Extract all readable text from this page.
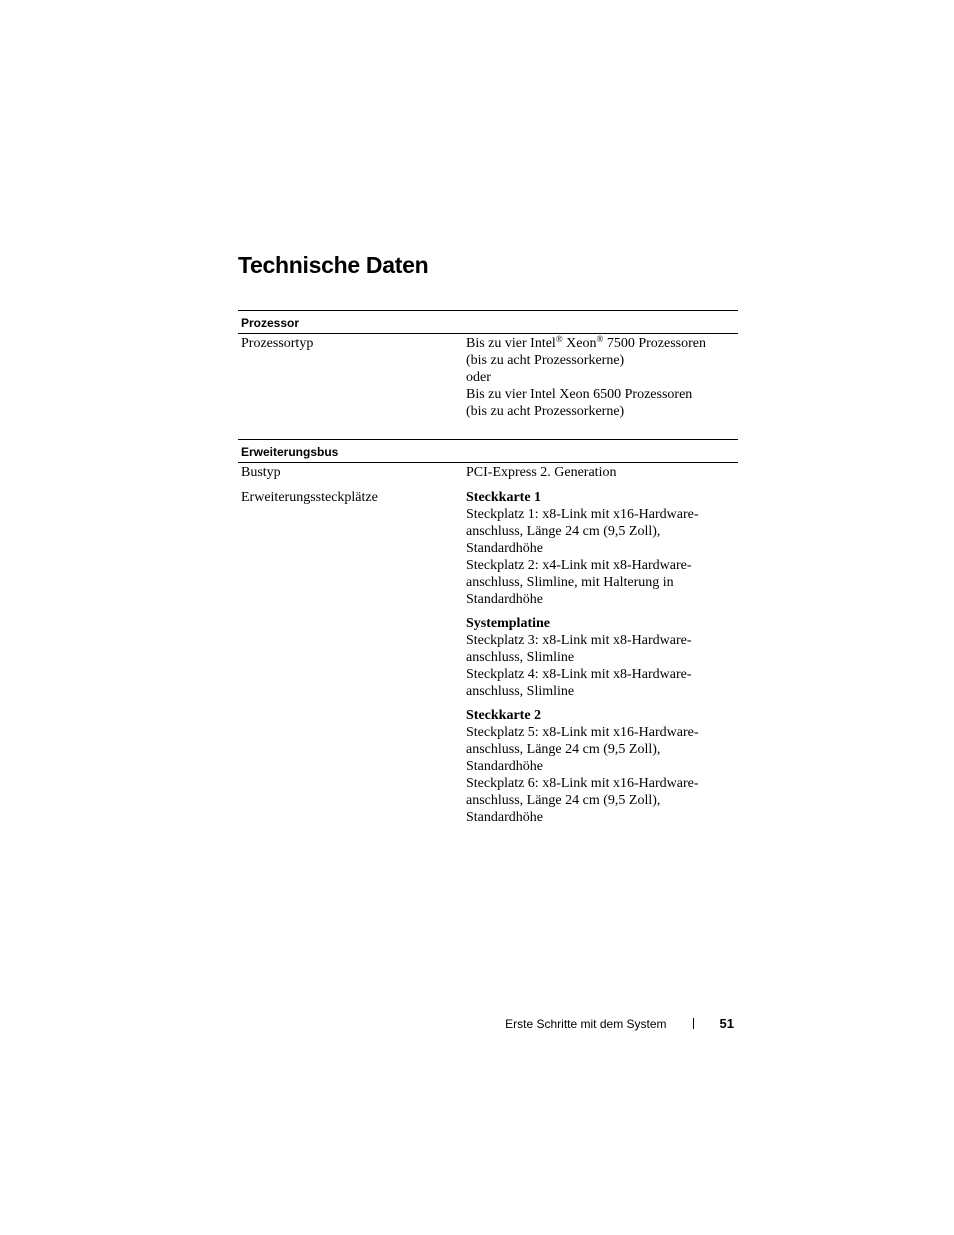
Technische Daten
Prozessor
Prozessortyp	Bis zu vier Intel® Xeon® 7500 Prozessoren
(bis zu acht Prozessorkerne)
oder
Bis zu vier Intel Xeon 6500 Prozessoren
(bis zu acht Prozessorkerne)
Erweiterungsbus
Bustyp	PCI-Express 2. Generation
Erweiterungssteckplätze	Steckkarte 1
Steckplatz 1: x8-Link mit x16-Hardware-
anschluss, Länge 24 cm (9,5 Zoll),
Standardhöhe
Steckplatz 2: x4-Link mit x8-Hardware-
anschluss, Slimline, mit Halterung in
Standardhöhe
Systemplatine
Steckplatz 3: x8-Link mit x8-Hardware-
anschluss, Slimline
Steckplatz 4: x8-Link mit x8-Hardware-
anschluss, Slimline
Steckkarte 2
Steckplatz 5: x8-Link mit x16-Hardware-
anschluss, Länge 24 cm (9,5 Zoll),
Standardhöhe
Steckplatz 6: x8-Link mit x16-Hardware-
anschluss, Länge 24 cm (9,5 Zoll),
Standardhöhe
Erste Schritte mit dem System	51
